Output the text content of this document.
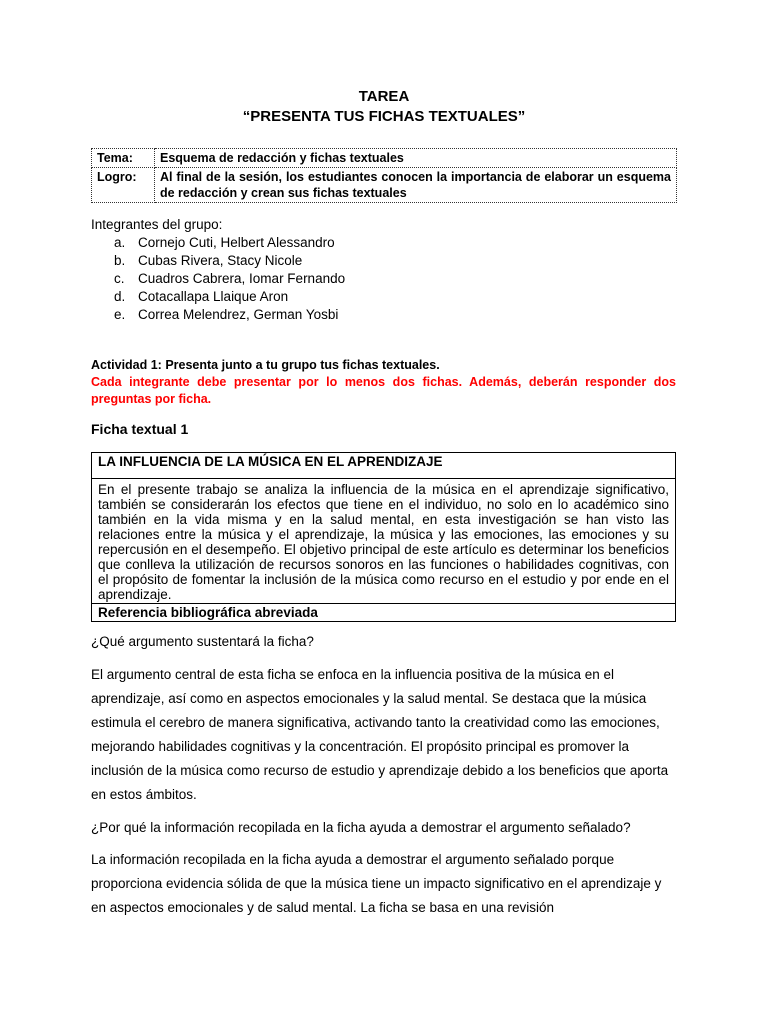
TAREA
“PRESENTA TUS FICHAS TEXTUALES”
Tema:	Esquema de redacción y fichas textuales
Logro:	Al final de la sesión, los estudiantes conocen la importancia de elaborar un esquema de redacción y crean sus fichas textuales
Integrantes del grupo:
a. Cornejo Cuti, Helbert Alessandro
b. Cubas Rivera, Stacy Nicole
c. Cuadros Cabrera, Iomar Fernando
d. Cotacallapa Llaique Aron
e. Correa Melendrez, German Yosbi
Actividad 1: Presenta junto a tu grupo tus fichas textuales.
Cada integrante debe presentar por lo menos dos fichas. Además, deberán responder dos preguntas por ficha.
Ficha textual 1
LA INFLUENCIA DE LA MÚSICA EN EL APRENDIZAJE
En el presente trabajo se analiza la influencia de la música en el aprendizaje significativo, también se considerarán los efectos que tiene en el individuo, no solo en lo académico sino también en la vida misma y en la salud mental, en esta investigación se han visto las relaciones entre la música y el aprendizaje, la música y las emociones, las emociones y su repercusión en el desempeño. El objetivo principal de este artículo es determinar los beneficios que conlleva la utilización de recursos sonoros en las funciones o habilidades cognitivas, con el propósito de fomentar la inclusión de la música como recurso en el estudio y por ende en el aprendizaje.
Referencia bibliográfica abreviada
¿Qué argumento sustentará la ficha?
El argumento central de esta ficha se enfoca en la influencia positiva de la música en el aprendizaje, así como en aspectos emocionales y la salud mental. Se destaca que la música estimula el cerebro de manera significativa, activando tanto la creatividad como las emociones, mejorando habilidades cognitivas y la concentración. El propósito principal es promover la inclusión de la música como recurso de estudio y aprendizaje debido a los beneficios que aporta en estos ámbitos.
¿Por qué la información recopilada en la ficha ayuda a demostrar el argumento señalado?
La información recopilada en la ficha ayuda a demostrar el argumento señalado porque proporciona evidencia sólida de que la música tiene un impacto significativo en el aprendizaje y en aspectos emocionales y de salud mental. La ficha se basa en una revisión
